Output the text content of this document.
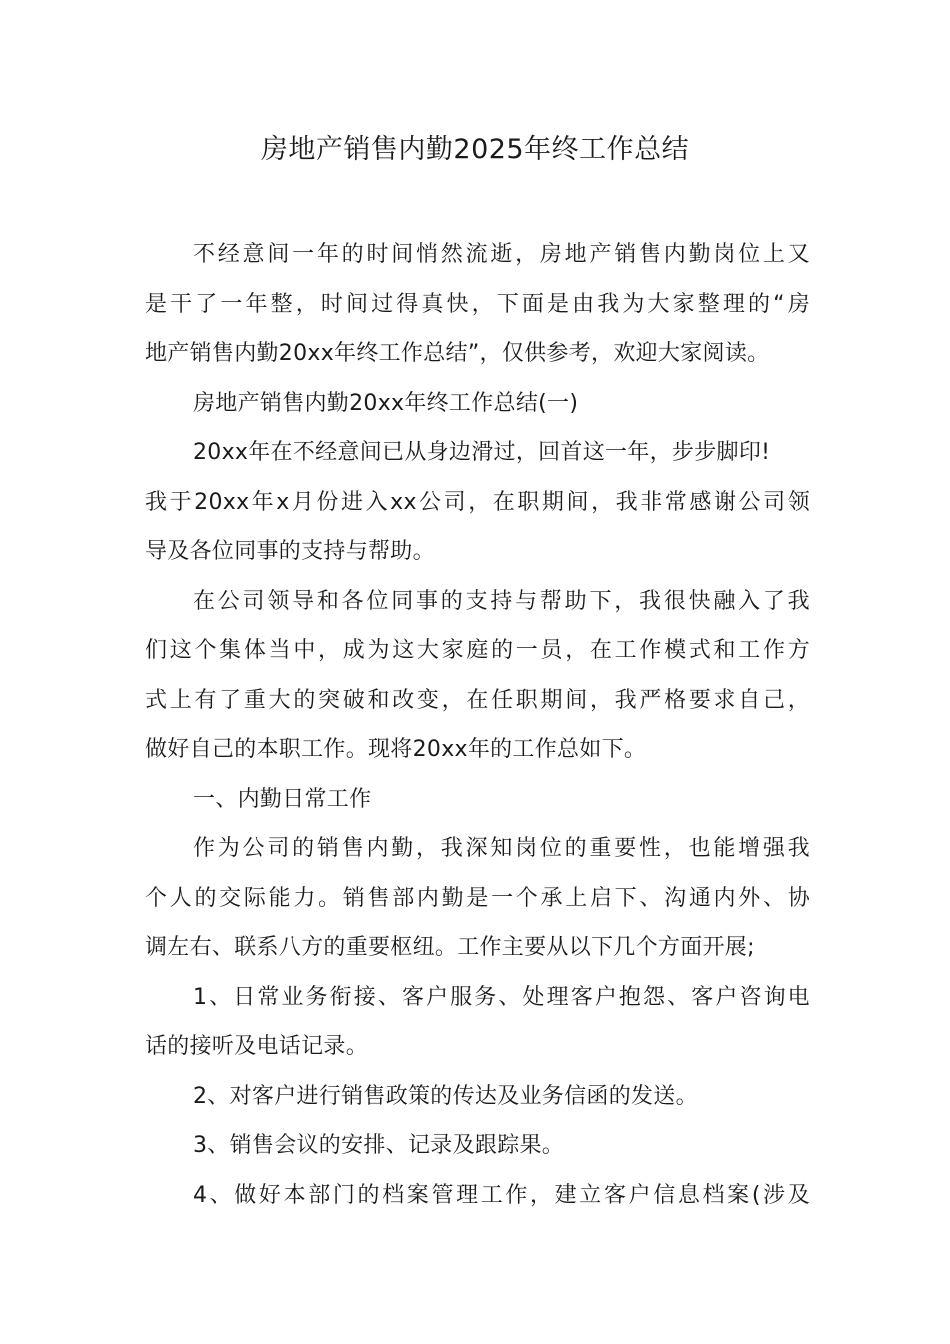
房地产销售内勤2025年终工作总结
不经意间一年的时间悄然流逝，房地产销售内勤岗位上又
是干了一年整，时间过得真快，下面是由我为大家整理的“房
地产销售内勤20xx年终工作总结”，仅供参考，欢迎大家阅读。
房地产销售内勤20xx年终工作总结(一)
20xx年在不经意间已从身边滑过，回首这一年，步步脚印!
我于20xx年x月份进入xx公司，在职期间，我非常感谢公司领
导及各位同事的支持与帮助。
在公司领导和各位同事的支持与帮助下，我很快融入了我
们这个集体当中，成为这大家庭的一员，在工作模式和工作方
式上有了重大的突破和改变，在任职期间，我严格要求自己，
做好自己的本职工作。现将20xx年的工作总如下。
一、内勤日常工作
作为公司的销售内勤，我深知岗位的重要性，也能增强我
个人的交际能力。销售部内勤是一个承上启下、沟通内外、协
调左右、联系八方的重要枢纽。工作主要从以下几个方面开展;
1、日常业务衔接、客户服务、处理客户抱怨、客户咨询电
话的接听及电话记录。
2、对客户进行销售政策的传达及业务信函的发送。
3、销售会议的安排、记录及跟踪果。
4、做好本部门的档案管理工作，建立客户信息档案(涉及
